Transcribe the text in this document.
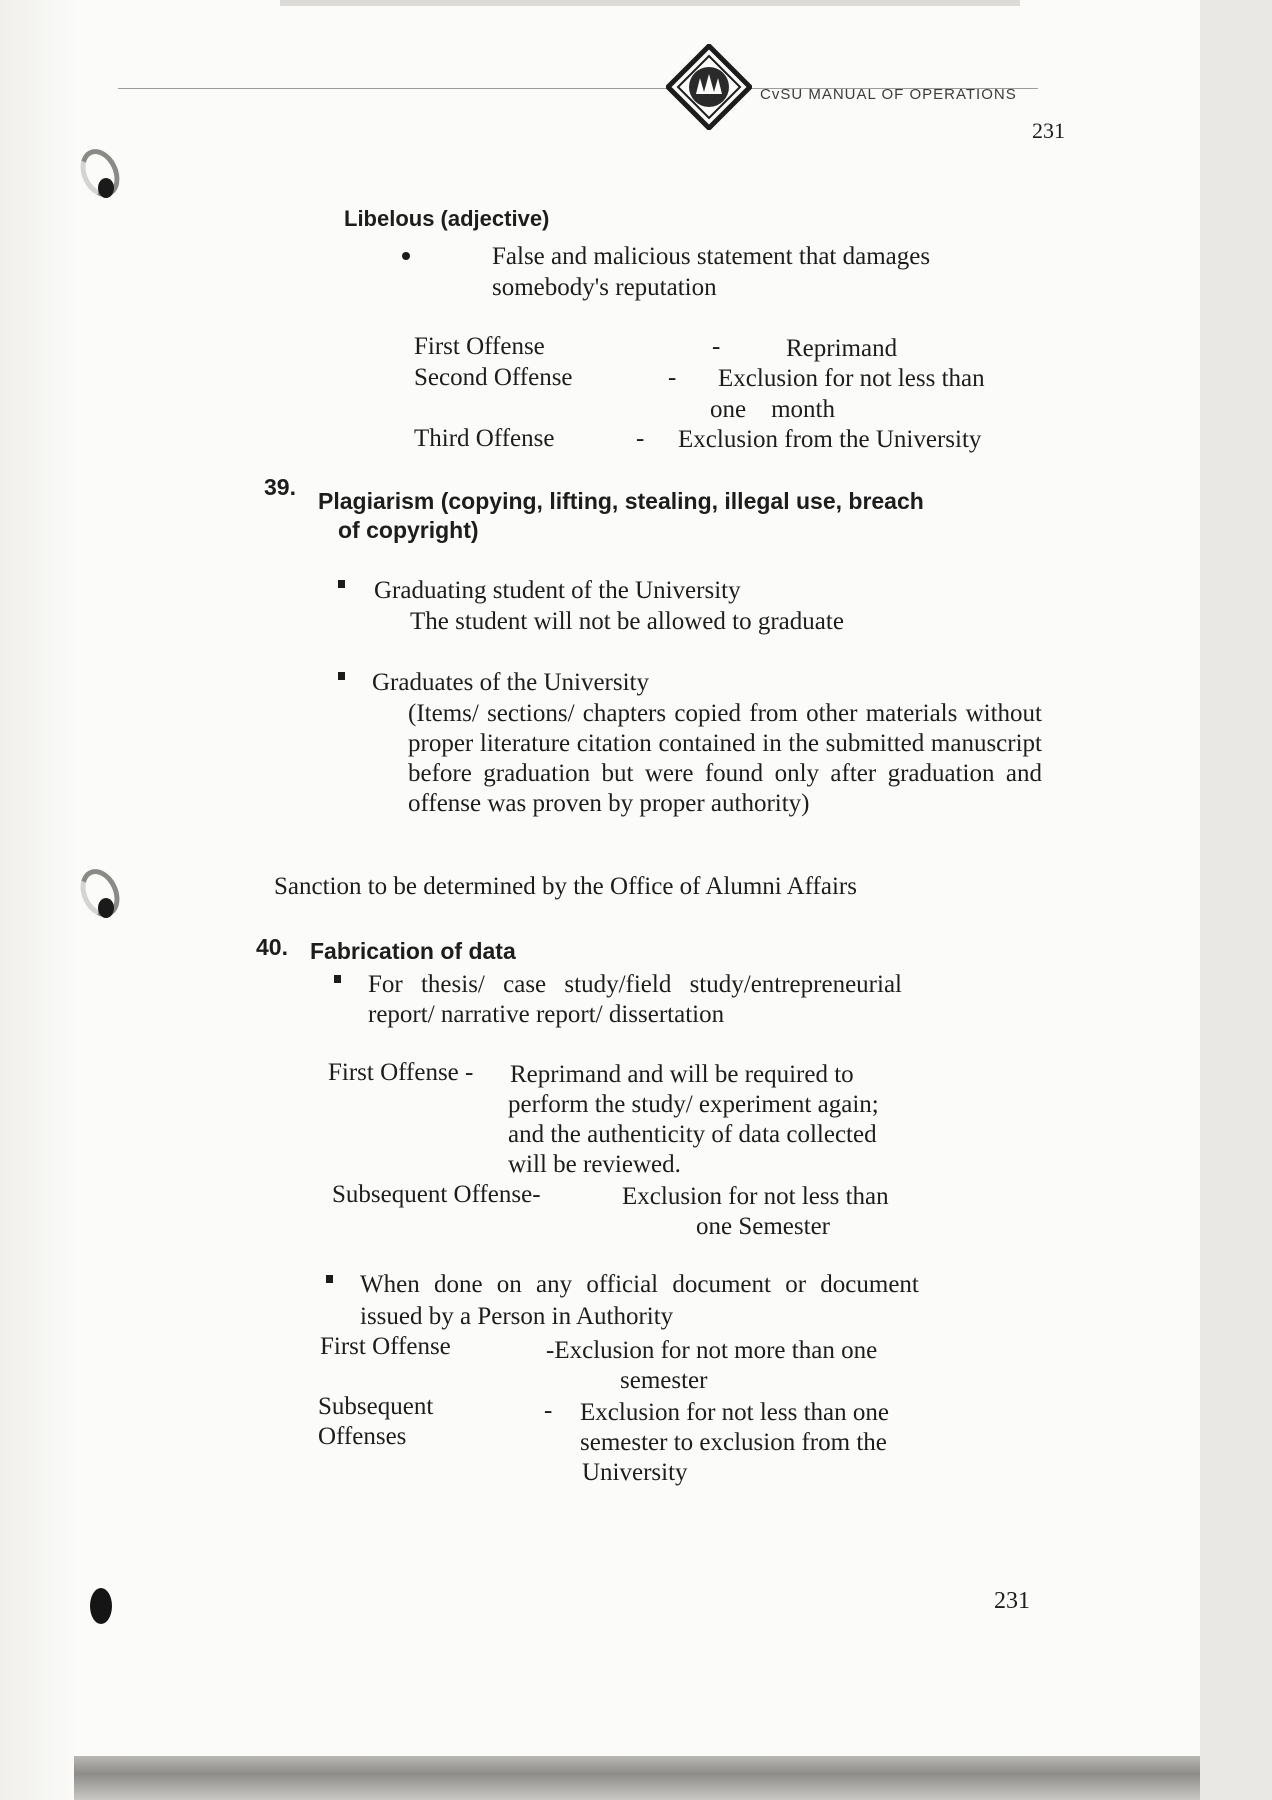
CvSU MANUAL OF OPERATIONS
231
Libelous (adjective)
False and malicious statement that damages
somebody's reputation
First Offense	-	Reprimand
Second Offense	- Exclusion for not less than
one    month
Third Offense	- Exclusion from the University
39.
Plagiarism (copying, lifting, stealing, illegal use, breach
of copyright)
Graduating student of the University
The student will not be allowed to graduate
Graduates of the University
(Items/ sections/ chapters copied from other materials without proper literature citation contained in the submitted manuscript before graduation but were found only after graduation and offense was proven by proper authority)
Sanction to be determined by the Office of Alumni Affairs
40. Fabrication of data
For thesis/ case study/field study/entrepreneurial
report/ narrative report/ dissertation
First Offense - Reprimand and will be required to
perform the study/ experiment again;
and the authenticity of data collected
will be reviewed.
Subsequent Offense-	Exclusion for not less than
one Semester
When done on any official document or document
issued by a Person in Authority
First Offense	-Exclusion for not more than one
semester
Subsequent
Offenses
- Exclusion for not less than one
semester to exclusion from the
University
231
